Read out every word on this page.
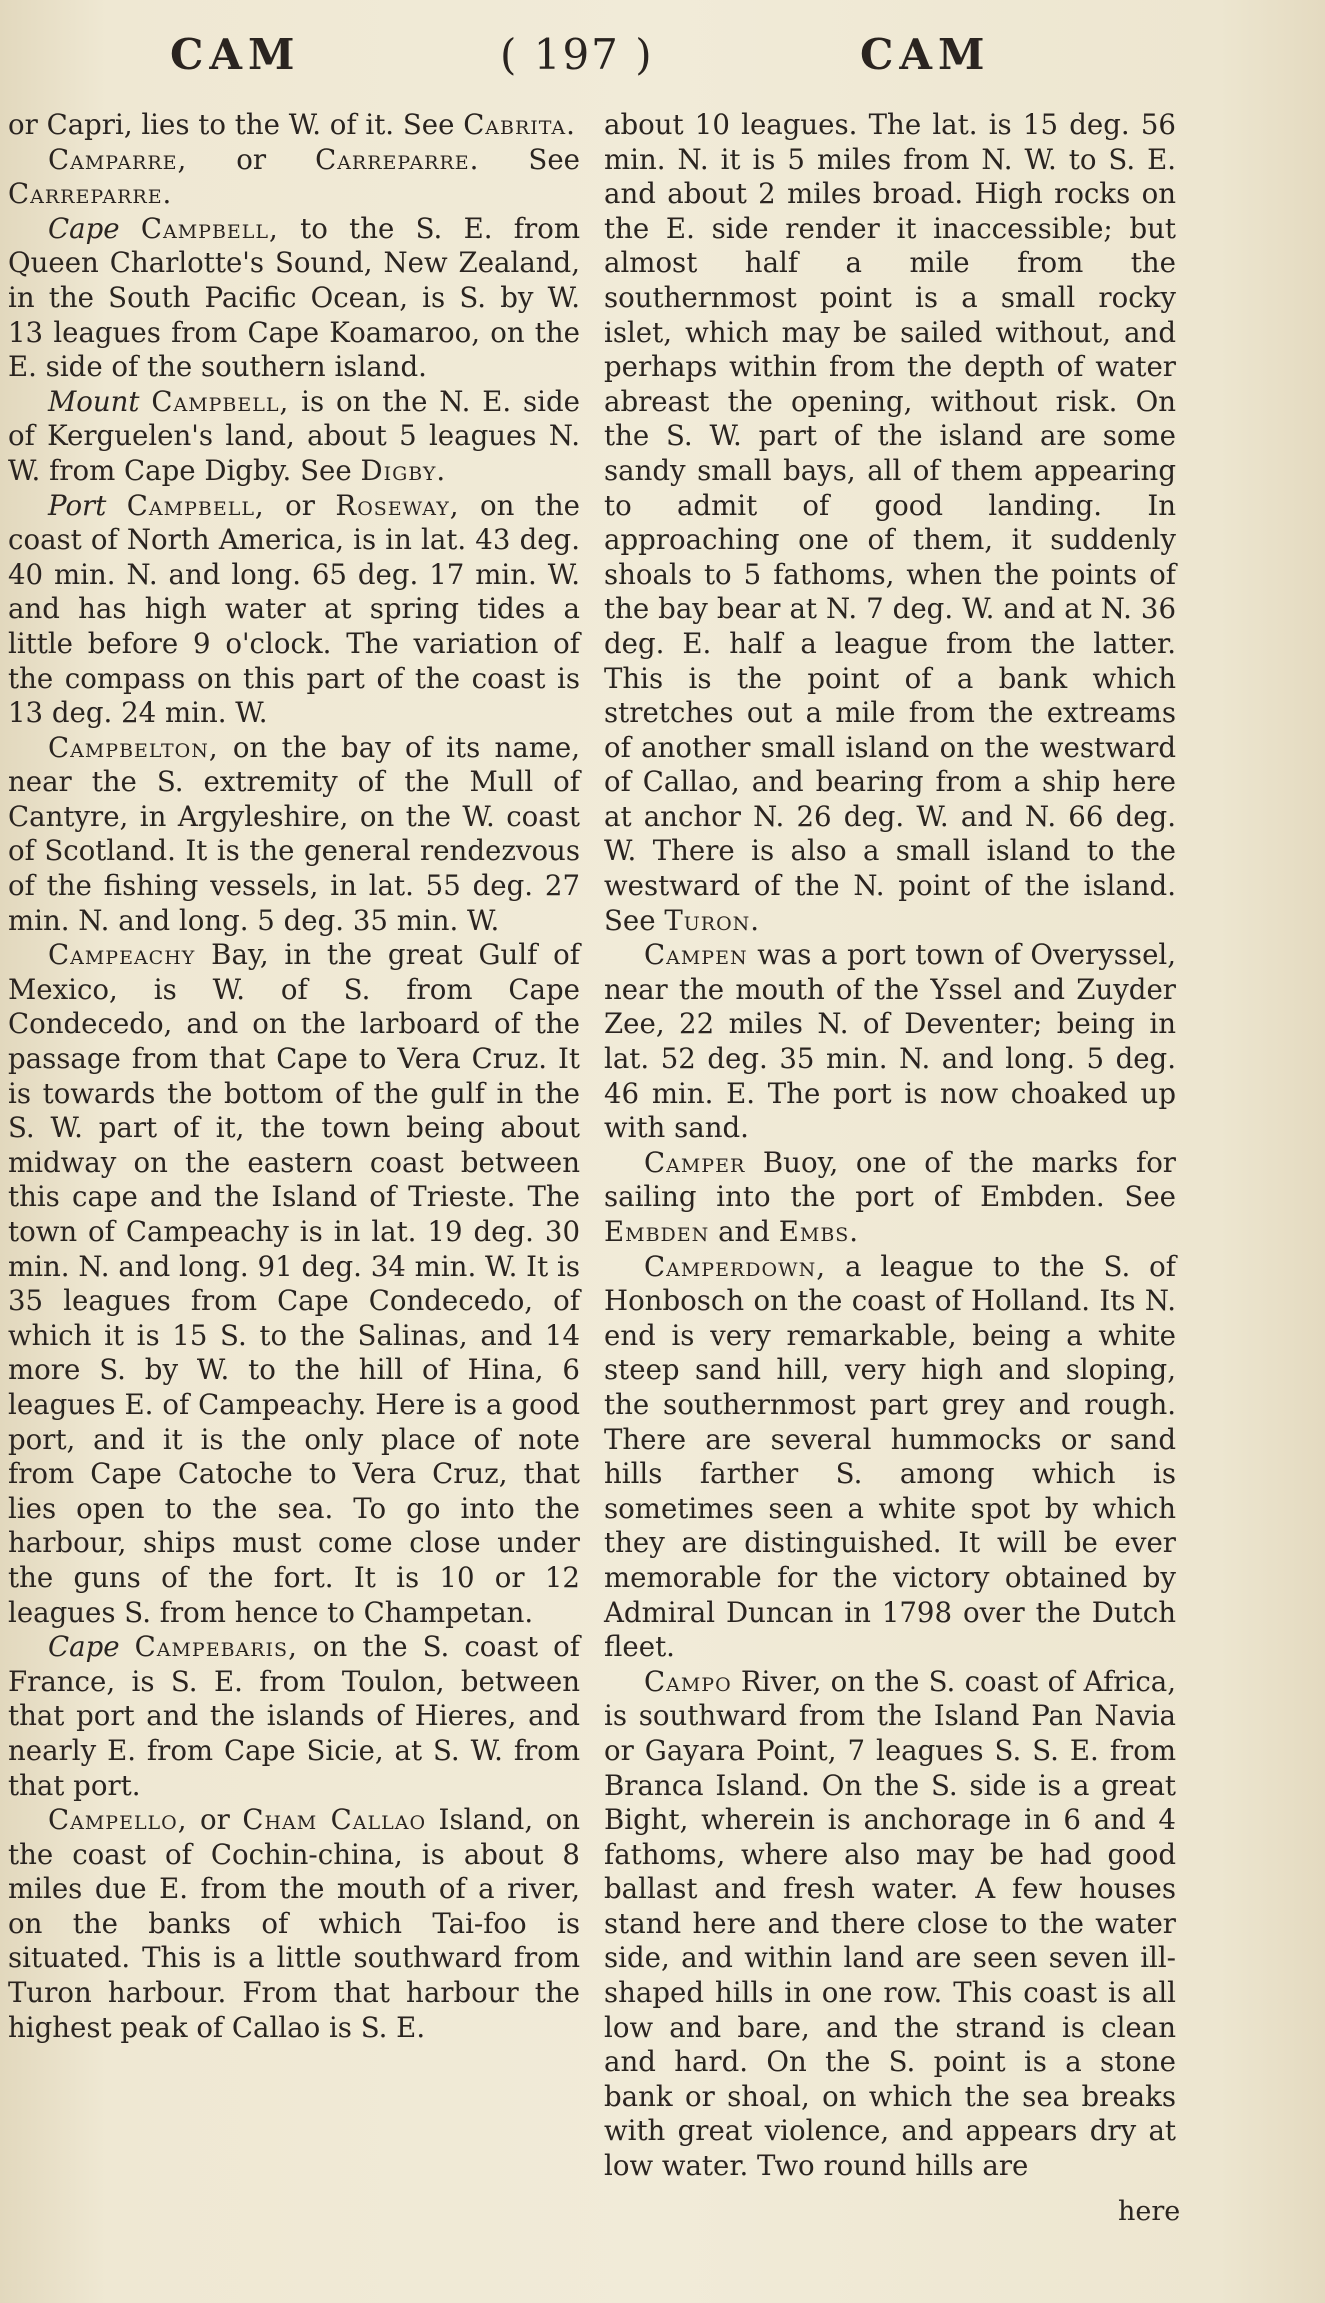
CAM	( 197 )	CAM

or Capri, lies to the W. of it. See Cabrita.

Camparre, or Carreparre. See Carreparre.

Cape Campbell, to the S. E. from Queen Charlotte's Sound, New Zealand, in the South Pacific Ocean, is S. by W. 13 leagues from Cape Koamaroo, on the E. side of the southern island.

Mount Campbell, is on the N. E. side of Kerguelen's land, about 5 leagues N. W. from Cape Digby. See Digby.

Port Campbell, or Roseway, on the coast of North America, is in lat. 43 deg. 40 min. N. and long. 65 deg. 17 min. W. and has high water at spring tides a little before 9 o'clock. The variation of the compass on this part of the coast is 13 deg. 24 min. W.

Campbelton, on the bay of its name, near the S. extremity of the Mull of Cantyre, in Argyleshire, on the W. coast of Scotland. It is the general rendezvous of the fishing vessels, in lat. 55 deg. 27 min. N. and long. 5 deg. 35 min. W.

Campeachy Bay, in the great Gulf of Mexico, is W. of S. from Cape Condecedo, and on the larboard of the passage from that Cape to Vera Cruz. It is towards the bottom of the gulf in the S. W. part of it, the town being about midway on the eastern coast between this cape and the Island of Trieste. The town of Campeachy is in lat. 19 deg. 30 min. N. and long. 91 deg. 34 min. W. It is 35 leagues from Cape Condecedo, of which it is 15 S. to the Salinas, and 14 more S. by W. to the hill of Hina, 6 leagues E. of Campeachy. Here is a good port, and it is the only place of note from Cape Catoche to Vera Cruz, that lies open to the sea. To go into the harbour, ships must come close under the guns of the fort. It is 10 or 12 leagues S. from hence to Champetan.

Cape Campebaris, on the S. coast of France, is S. E. from Toulon, between that port and the islands of Hieres, and nearly E. from Cape Sicie, at S. W. from that port.

Campello, or Cham Callao Island, on the coast of Cochin-china, is about 8 miles due E. from the mouth of a river, on the banks of which Tai-foo is situated. This is a little southward from Turon harbour. From that harbour the highest peak of Callao is S. E.

about 10 leagues. The lat. is 15 deg. 56 min. N. it is 5 miles from N. W. to S. E. and about 2 miles broad. High rocks on the E. side render it inaccessible; but almost half a mile from the southernmost point is a small rocky islet, which may be sailed without, and perhaps within from the depth of water abreast the opening, without risk. On the S. W. part of the island are some sandy small bays, all of them appearing to admit of good landing. In approaching one of them, it suddenly shoals to 5 fathoms, when the points of the bay bear at N. 7 deg. W. and at N. 36 deg. E. half a league from the latter. This is the point of a bank which stretches out a mile from the extreams of another small island on the westward of Callao, and bearing from a ship here at anchor N. 26 deg. W. and N. 66 deg. W. There is also a small island to the westward of the N. point of the island. See Turon.

Campen was a port town of Overyssel, near the mouth of the Yssel and Zuyder Zee, 22 miles N. of Deventer; being in lat. 52 deg. 35 min. N. and long. 5 deg. 46 min. E. The port is now choaked up with sand.

Camper Buoy, one of the marks for sailing into the port of Embden. See Embden and Embs.

Camperdown, a league to the S. of Honbosch on the coast of Holland. Its N. end is very remarkable, being a white steep sand hill, very high and sloping, the southernmost part grey and rough. There are several hummocks or sand hills farther S. among which is sometimes seen a white spot by which they are distinguished. It will be ever memorable for the victory obtained by Admiral Duncan in 1798 over the Dutch fleet.

Campo River, on the S. coast of Africa, is southward from the Island Pan Navia or Gayara Point, 7 leagues S. S. E. from Branca Island. On the S. side is a great Bight, wherein is anchorage in 6 and 4 fathoms, where also may be had good ballast and fresh water. A few houses stand here and there close to the water side, and within land are seen seven ill-shaped hills in one row. This coast is all low and bare, and the strand is clean and hard. On the S. point is a stone bank or shoal, on which the sea breaks with great violence, and appears dry at low water. Two round hills are

here
